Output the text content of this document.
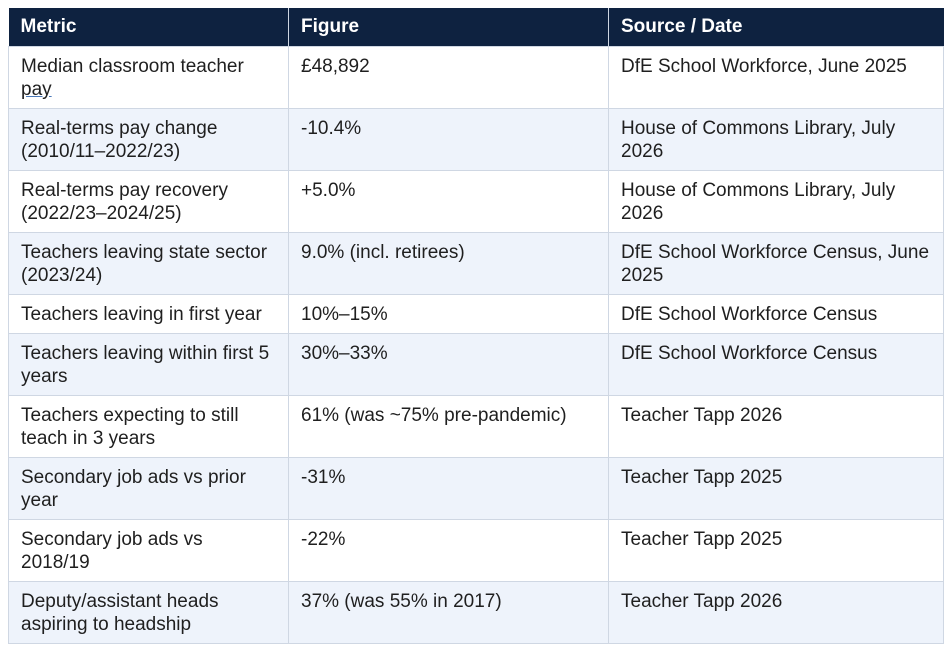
Metric	Figure	Source / Date
Median classroom teacher pay	£48,892	DfE School Workforce, June 2025
Real-terms pay change (2010/11–2022/23)	-10.4%	House of Commons Library, July 2026
Real-terms pay recovery (2022/23–2024/25)	+5.0%	House of Commons Library, July 2026
Teachers leaving state sector (2023/24)	9.0% (incl. retirees)	DfE School Workforce Census, June 2025
Teachers leaving in first year	10%–15%	DfE School Workforce Census
Teachers leaving within first 5 years	30%–33%	DfE School Workforce Census
Teachers expecting to still teach in 3 years	61% (was ~75% pre-pandemic)	Teacher Tapp 2026
Secondary job ads vs prior year	-31%	Teacher Tapp 2025
Secondary job ads vs 2018/19	-22%	Teacher Tapp 2025
Deputy/assistant heads aspiring to headship	37% (was 55% in 2017)	Teacher Tapp 2026
